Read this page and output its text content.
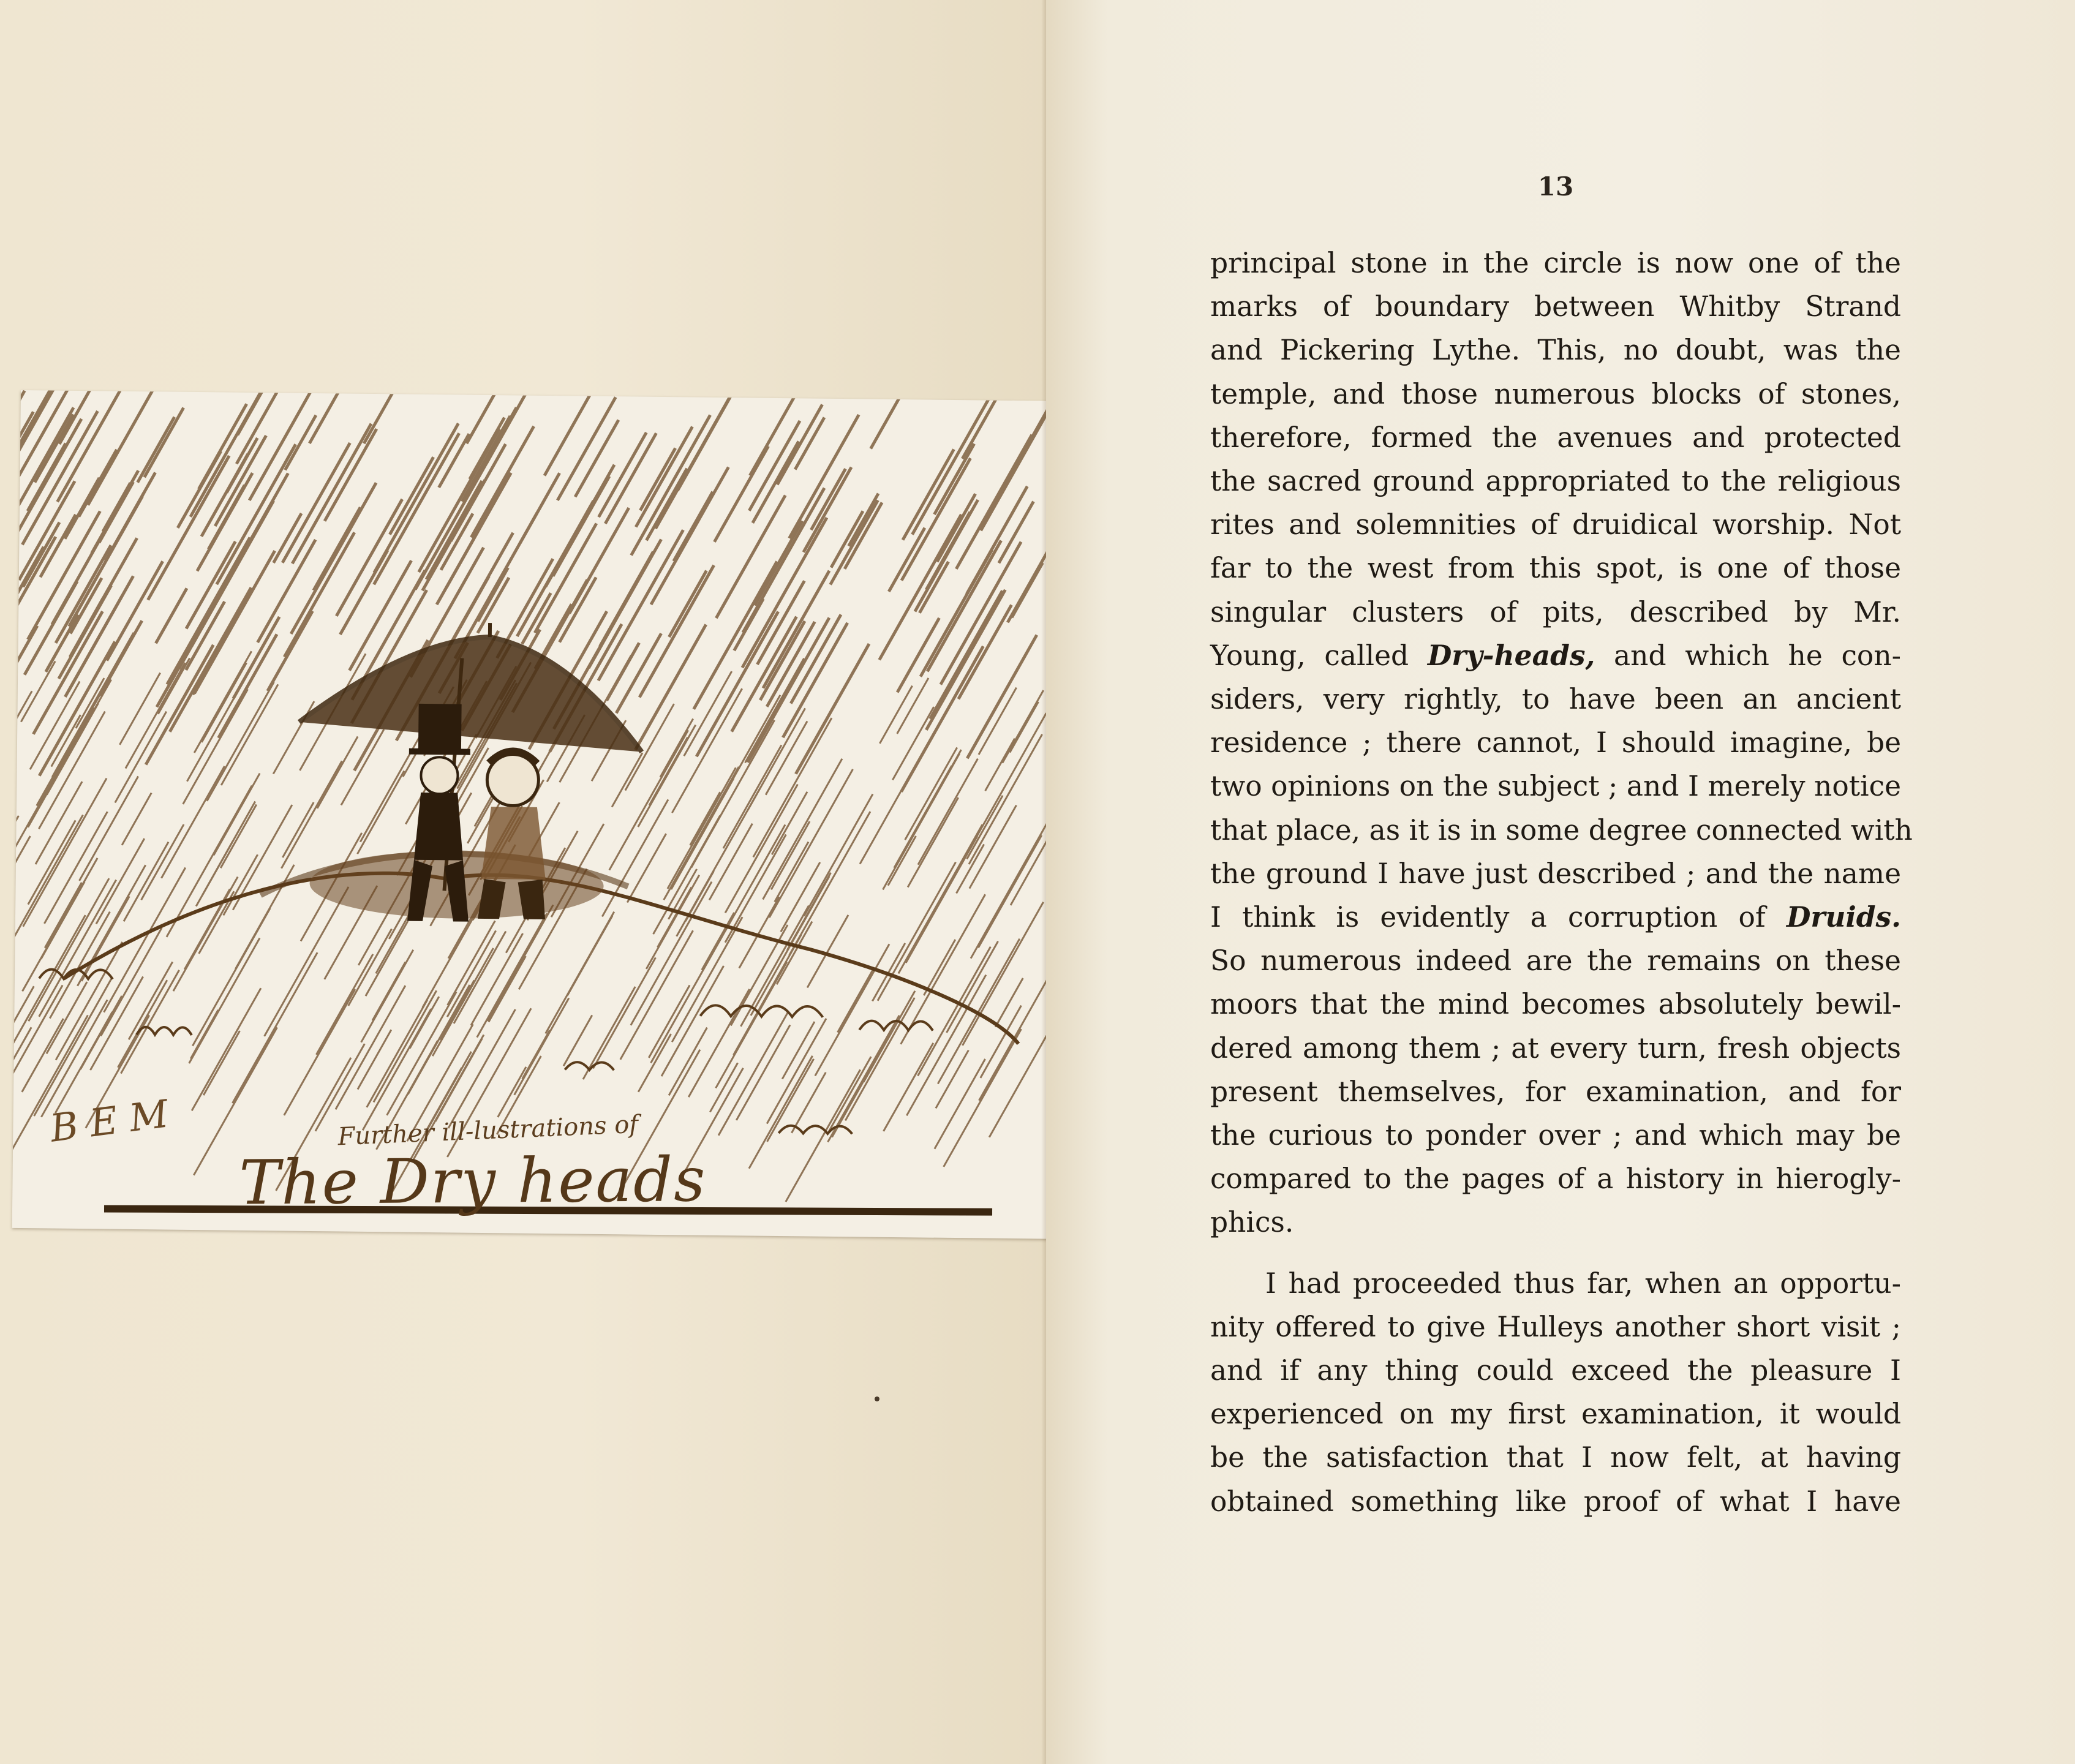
B E M	Further ill-lustrations of
The Dry heads
13
principal stone in the circle is now one of the
marks of boundary between Whitby Strand
and Pickering Lythe. This, no doubt, was the
temple, and those numerous blocks of stones,
therefore, formed the avenues and protected
the sacred ground appropriated to the religious
rites and solemnities of druidical worship. Not
far to the west from this spot, is one of those
singular clusters of pits, described by Mr.
Young, called Dry-heads, and which he con-
siders, very rightly, to have been an ancient
residence ; there cannot, I should imagine, be
two opinions on the subject ; and I merely notice
that place, as it is in some degree connected with
the ground I have just described ; and the name
I think is evidently a corruption of Druids.
So numerous indeed are the remains on these
moors that the mind becomes absolutely bewil-
dered among them ; at every turn, fresh objects
present themselves, for examination, and for
the curious to ponder over ; and which may be
compared to the pages of a history in hierogly-
phics.
I had proceeded thus far, when an opportu-
nity offered to give Hulleys another short visit ;
and if any thing could exceed the pleasure I
experienced on my first examination, it would
be the satisfaction that I now felt, at having
obtained something like proof of what I have
